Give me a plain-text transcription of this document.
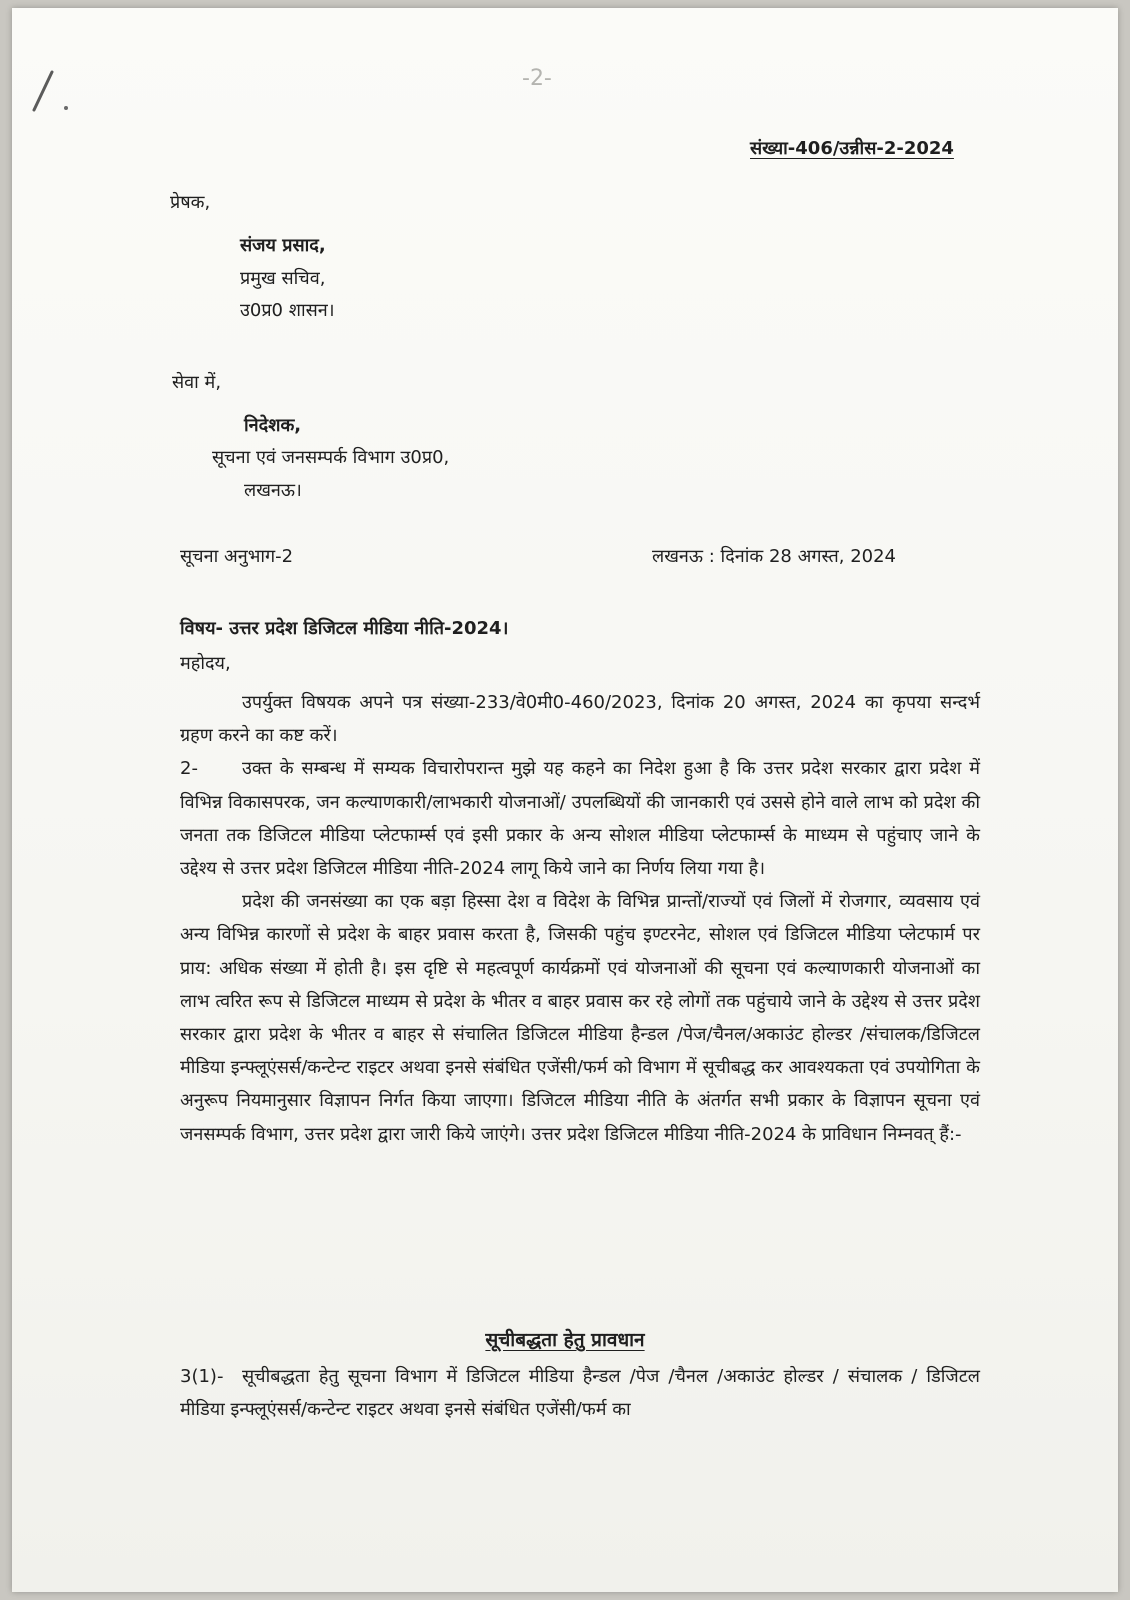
-2-
संख्या-406/उन्नीस-2-2024
प्रेषक,
संजय प्रसाद,
प्रमुख सचिव,
उ0प्र0 शासन।
सेवा में,
निदेशक,
सूचना एवं जनसम्पर्क विभाग उ0प्र0,
लखनऊ।
सूचना अनुभाग-2	लखनऊ : दिनांक 28 अगस्त, 2024
विषय- उत्तर प्रदेश डिजिटल मीडिया नीति-2024।
महोदय,

उपर्युक्त विषयक अपने पत्र संख्या-233/वे0मी0-460/2023, दिनांक 20 अगस्त, 2024 का कृपया सन्दर्भ ग्रहण करने का कष्ट करें।

2- उक्त के सम्बन्ध में सम्यक विचारोपरान्त मुझे यह कहने का निदेश हुआ है कि उत्तर प्रदेश सरकार द्वारा प्रदेश में विभिन्न विकासपरक, जन कल्याणकारी/लाभकारी योजनाओं/ उपलब्धियों की जानकारी एवं उससे होने वाले लाभ को प्रदेश की जनता तक डिजिटल मीडिया प्लेटफार्म्स एवं इसी प्रकार के अन्य सोशल मीडिया प्लेटफार्म्स के माध्यम से पहुंचाए जाने के उद्देश्य से उत्तर प्रदेश डिजिटल मीडिया नीति-2024 लागू किये जाने का निर्णय लिया गया है।

प्रदेश की जनसंख्या का एक बड़ा हिस्सा देश व विदेश के विभिन्न प्रान्तों/राज्यों एवं जिलों में रोजगार, व्यवसाय एवं अन्य विभिन्न कारणों से प्रदेश के बाहर प्रवास करता है, जिसकी पहुंच इण्टरनेट, सोशल एवं डिजिटल मीडिया प्लेटफार्म पर प्राय: अधिक संख्या में होती है। इस दृष्टि से महत्वपूर्ण कार्यक्रमों एवं योजनाओं की सूचना एवं कल्याणकारी योजनाओं का लाभ त्वरित रूप से डिजिटल माध्यम से प्रदेश के भीतर व बाहर प्रवास कर रहे लोगों तक पहुंचाये जाने के उद्देश्य से उत्तर प्रदेश सरकार द्वारा प्रदेश के भीतर व बाहर से संचालित डिजिटल मीडिया हैन्डल /पेज/चैनल/अकाउंट होल्डर /संचालक/डिजिटल मीडिया इन्फ्लूएंसर्स/कन्टेन्ट राइटर अथवा इनसे संबंधित एजेंसी/फर्म को विभाग में सूचीबद्ध कर आवश्यकता एवं उपयोगिता के अनुरूप नियमानुसार विज्ञापन निर्गत किया जाएगा। डिजिटल मीडिया नीति के अंतर्गत सभी प्रकार के विज्ञापन सूचना एवं जनसम्पर्क विभाग, उत्तर प्रदेश द्वारा जारी किये जाएंगे। उत्तर प्रदेश डिजिटल मीडिया नीति-2024 के प्राविधान निम्नवत् हैं:-

सूचीबद्धता हेतु प्रावधान

3(1)- सूचीबद्धता हेतु सूचना विभाग में डिजिटल मीडिया हैन्डल /पेज /चैनल /अकाउंट होल्डर / संचालक / डिजिटल मीडिया इन्फ्लूएंसर्स/कन्टेन्ट राइटर अथवा इनसे संबंधित एजेंसी/फर्म का
